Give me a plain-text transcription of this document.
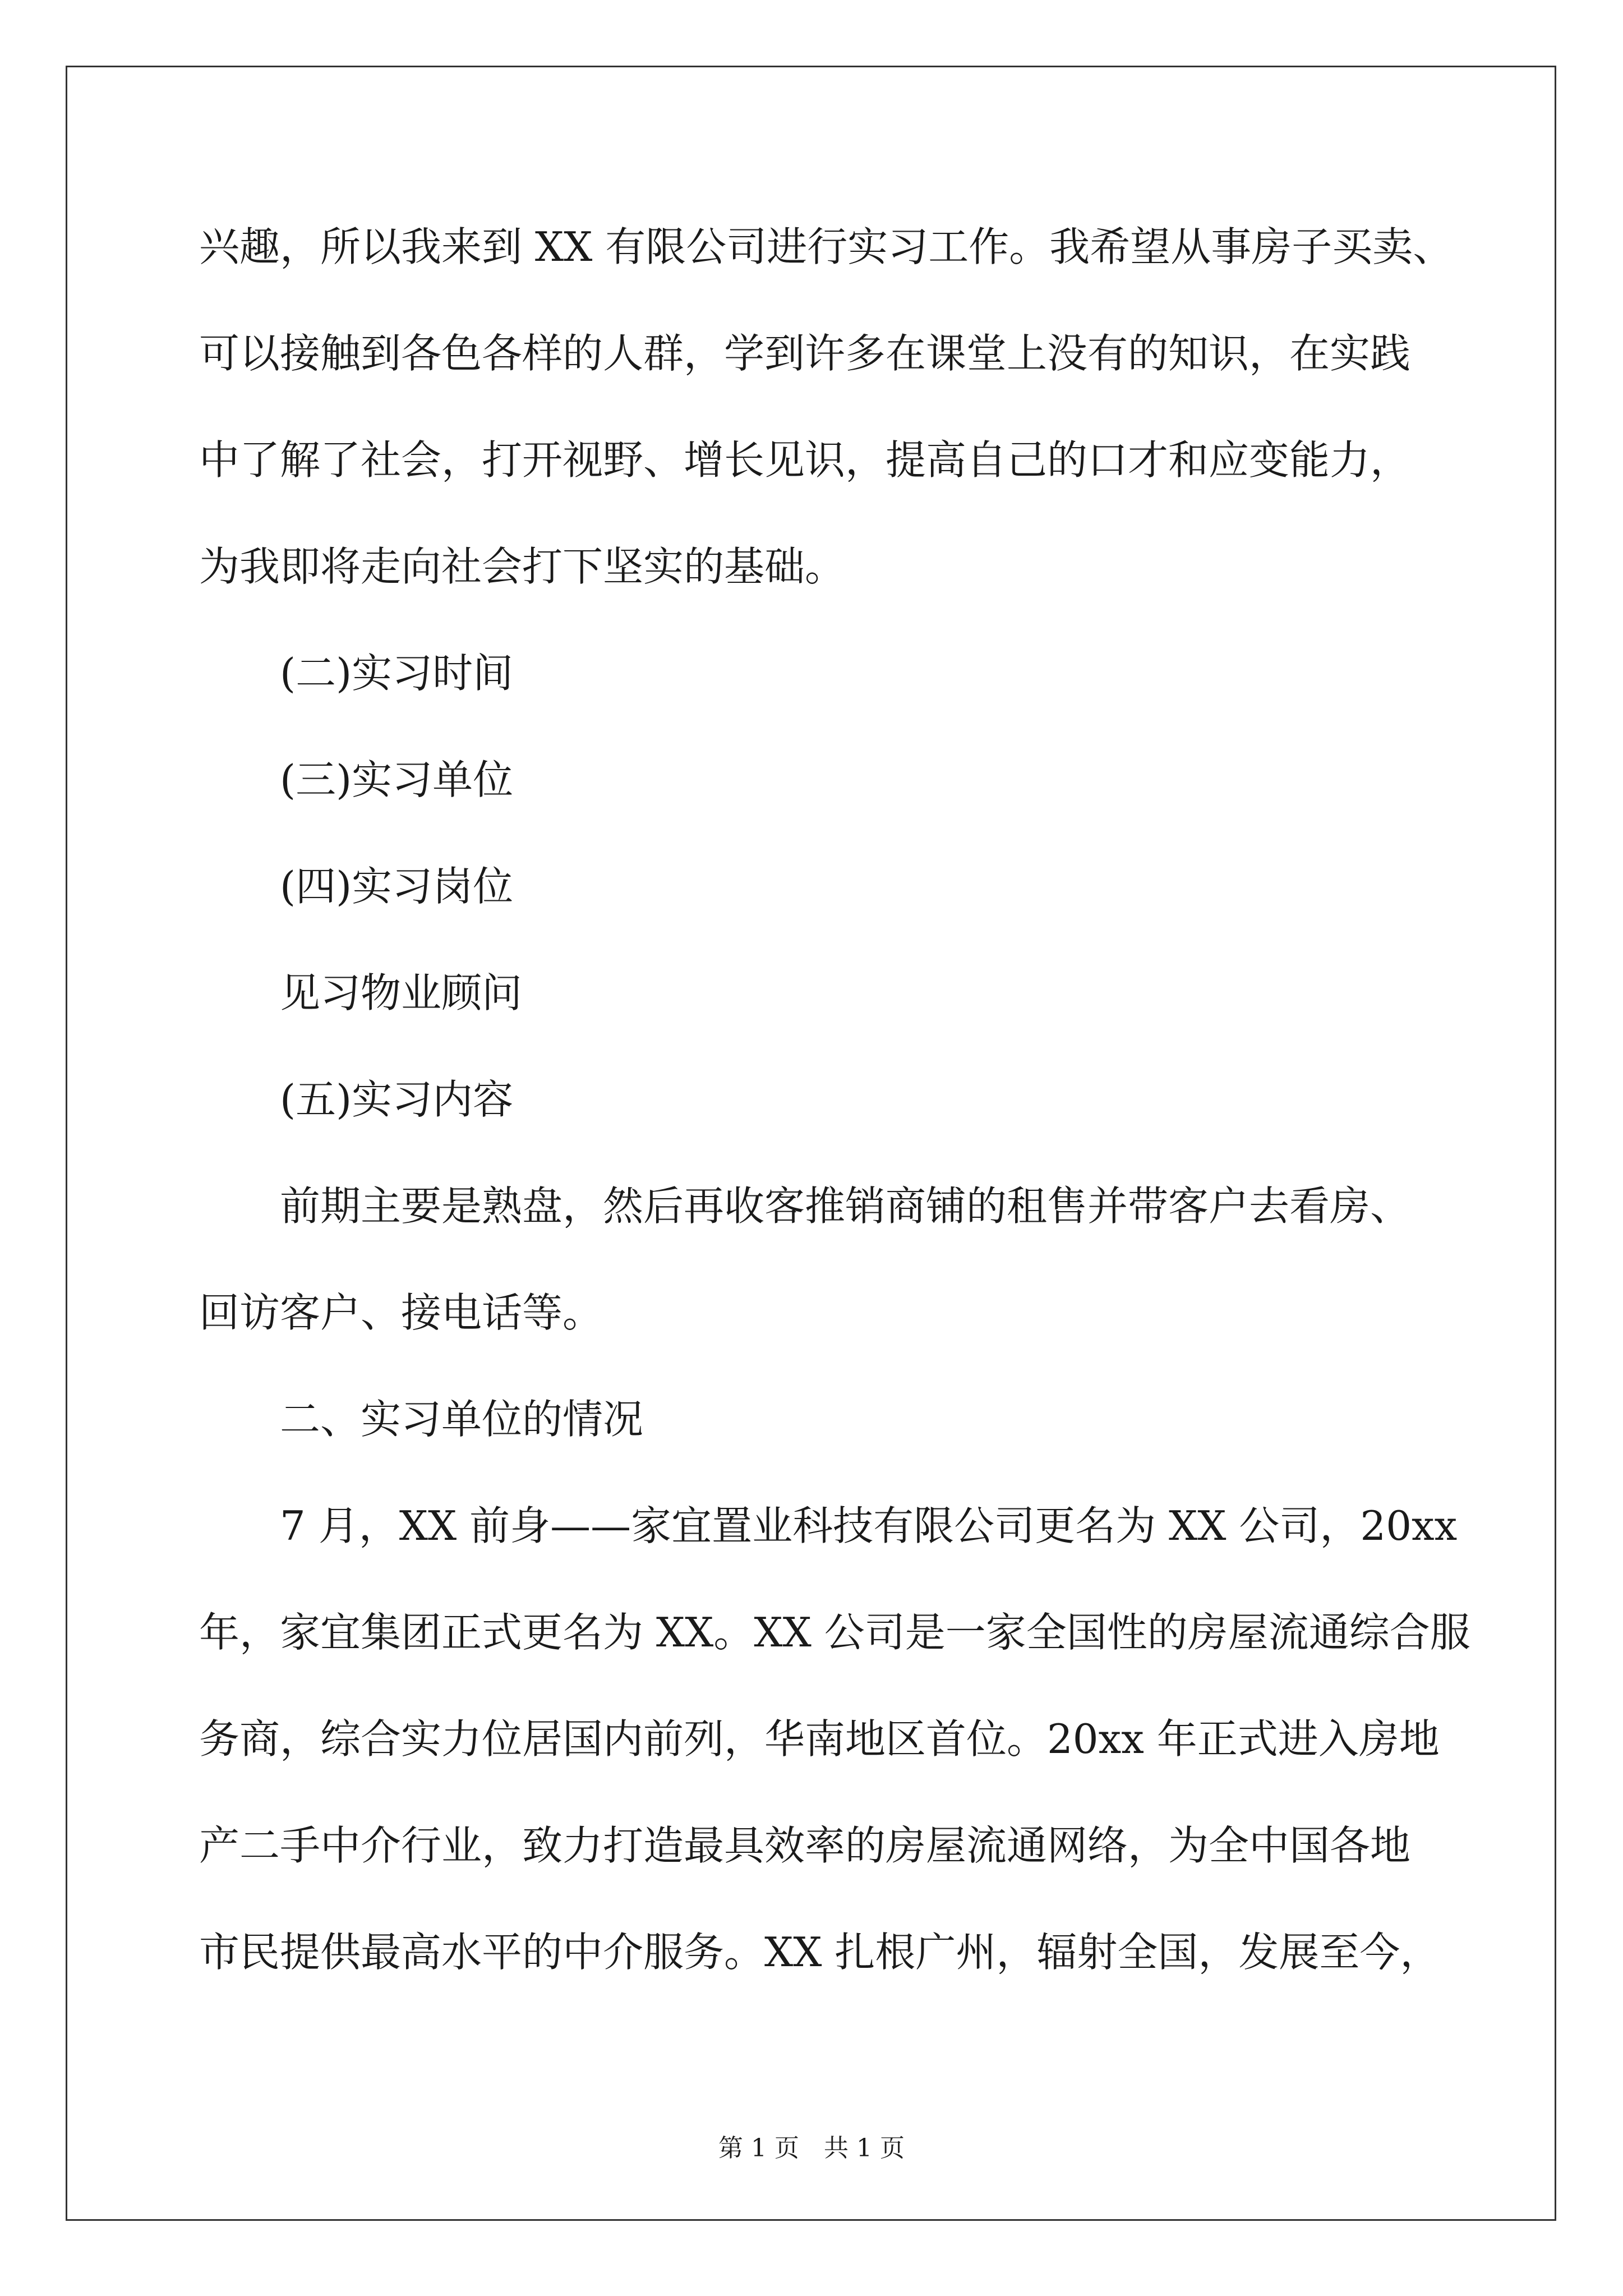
兴趣，所以我来到 XX 有限公司进行实习工作。我希望从事房子买卖、

可以接触到各色各样的人群，学到许多在课堂上没有的知识，在实践

中了解了社会，打开视野、增长见识，提高自己的口才和应变能力，

为我即将走向社会打下坚实的基础。

(二)实习时间

(三)实习单位

(四)实习岗位

见习物业顾问

(五)实习内容

前期主要是熟盘，然后再收客推销商铺的租售并带客户去看房、

回访客户、接电话等。

二、实习单位的情况

7 月，XX 前身——家宜置业科技有限公司更名为 XX 公司，20xx

年，家宜集团正式更名为 XX。XX 公司是一家全国性的房屋流通综合服

务商，综合实力位居国内前列，华南地区首位。20xx 年正式进入房地

产二手中介行业，致力打造最具效率的房屋流通网络，为全中国各地

市民提供最高水平的中介服务。XX 扎根广州，辐射全国，发展至今，

第 1 页 共 1 页
